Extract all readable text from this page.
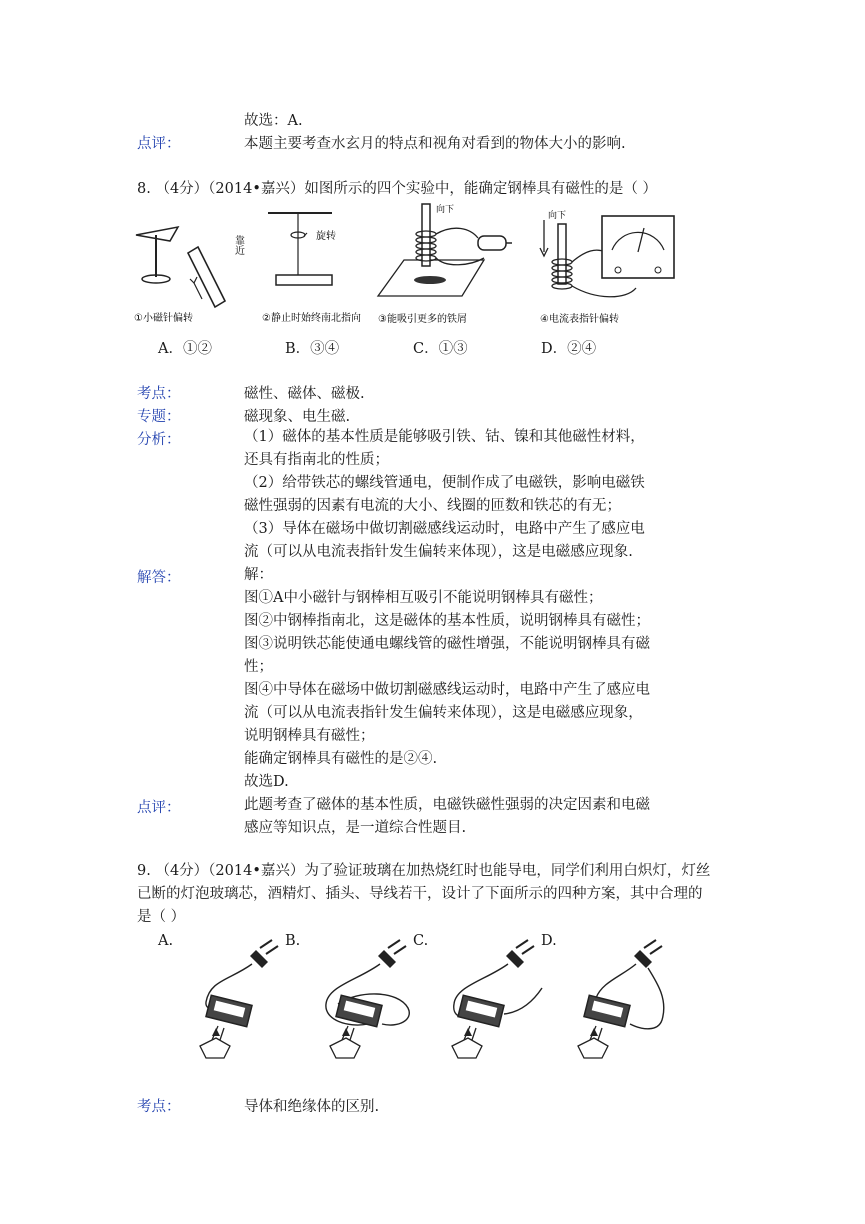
故选：A.
点评：	本题主要考查水玄月的特点和视角对看到的物体大小的影响.
8. （4分）（2014•嘉兴）如图所示的四个实验中，能确定钢棒具有磁性的是（ ）
靠近
①小磁针偏转
旋转
②静止时始终南北指向
向下
③能吸引更多的铁屑
向下
④电流表指针偏转
A．①②	B．③④	C．①③	D．②④
考点：	磁性、磁体、磁极.
专题：	磁现象、电生磁.
分析：	（1）磁体的基本性质是能够吸引铁、钴、镍和其他磁性材料，
还具有指南北的性质；
（2）给带铁芯的螺线管通电，便制作成了电磁铁，影响电磁铁
磁性强弱的因素有电流的大小、线圈的匝数和铁芯的有无；
（3）导体在磁场中做切割磁感线运动时，电路中产生了感应电
流（可以从电流表指针发生偏转来体现），这是电磁感应现象.
解答：	解：
图①A中小磁针与钢棒相互吸引不能说明钢棒具有磁性；
图②中钢棒指南北，这是磁体的基本性质，说明钢棒具有磁性；
图③说明铁芯能使通电螺线管的磁性增强，不能说明钢棒具有磁
性；
图④中导体在磁场中做切割磁感线运动时，电路中产生了感应电
流（可以从电流表指针发生偏转来体现），这是电磁感应现象，
说明钢棒具有磁性；
能确定钢棒具有磁性的是②④.
故选D.
点评：	此题考查了磁体的基本性质，电磁铁磁性强弱的决定因素和电磁
感应等知识点，是一道综合性题目.
9. （4分）（2014•嘉兴）为了验证玻璃在加热烧红时也能导电，同学们利用白炽灯，灯丝
已断的灯泡玻璃芯，酒精灯、插头、导线若干，设计了下面所示的四种方案，其中合理的
是（ ）
A.	B.	C.	D.
考点：	导体和绝缘体的区别.
